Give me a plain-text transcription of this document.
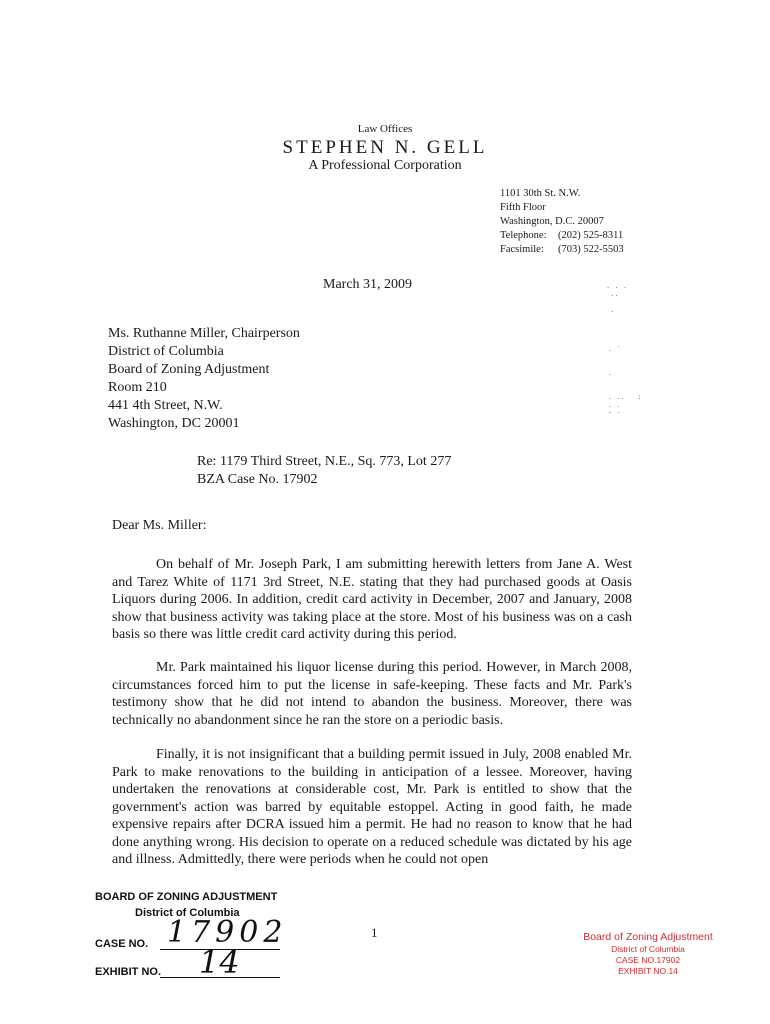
Law Offices
STEPHEN N. GELL
A Professional Corporation
1101 30th St. N.W.
Fifth Floor
Washington, D.C. 20007
Telephone: (202) 525-8311
Facsimile: (703) 522-5503
. . .
..

.
. ′

.

. ..   :
. .
- -
March 31, 2009
Ms. Ruthanne Miller, Chairperson
District of Columbia
Board of Zoning Adjustment
Room 210
441 4th Street, N.W.
Washington, DC 20001
Re: 1179 Third Street, N.E., Sq. 773, Lot 277
BZA Case No. 17902
Dear Ms. Miller:

On behalf of Mr. Joseph Park, I am submitting herewith letters from Jane A. West and Tarez White of 1171 3rd Street, N.E. stating that they had purchased goods at Oasis Liquors during 2006. In addition, credit card activity in December, 2007 and January, 2008 show that business activity was taking place at the store. Most of his business was on a cash basis so there was little credit card activity during this period.

Mr. Park maintained his liquor license during this period. However, in March 2008, circumstances forced him to put the license in safe-keeping. These facts and Mr. Park's testimony show that he did not intend to abandon the business. Moreover, there was technically no abandonment since he ran the store on a periodic basis.

Finally, it is not insignificant that a building permit issued in July, 2008 enabled Mr. Park to make renovations to the building in anticipation of a lessee. Moreover, having undertaken the renovations at considerable cost, Mr. Park is entitled to show that the government's action was barred by equitable estoppel. Acting in good faith, he made expensive repairs after DCRA issued him a permit. He had no reason to know that he had done anything wrong. His decision to operate on a reduced schedule was dictated by his age and illness. Admittedly, there were periods when he could not open

1
BOARD OF ZONING ADJUSTMENT
District of Columbia
CASE NO. 17902
EXHIBIT NO. 14
Board of Zoning Adjustment
District of Columbia
CASE NO.17902
EXHIBIT NO.14
